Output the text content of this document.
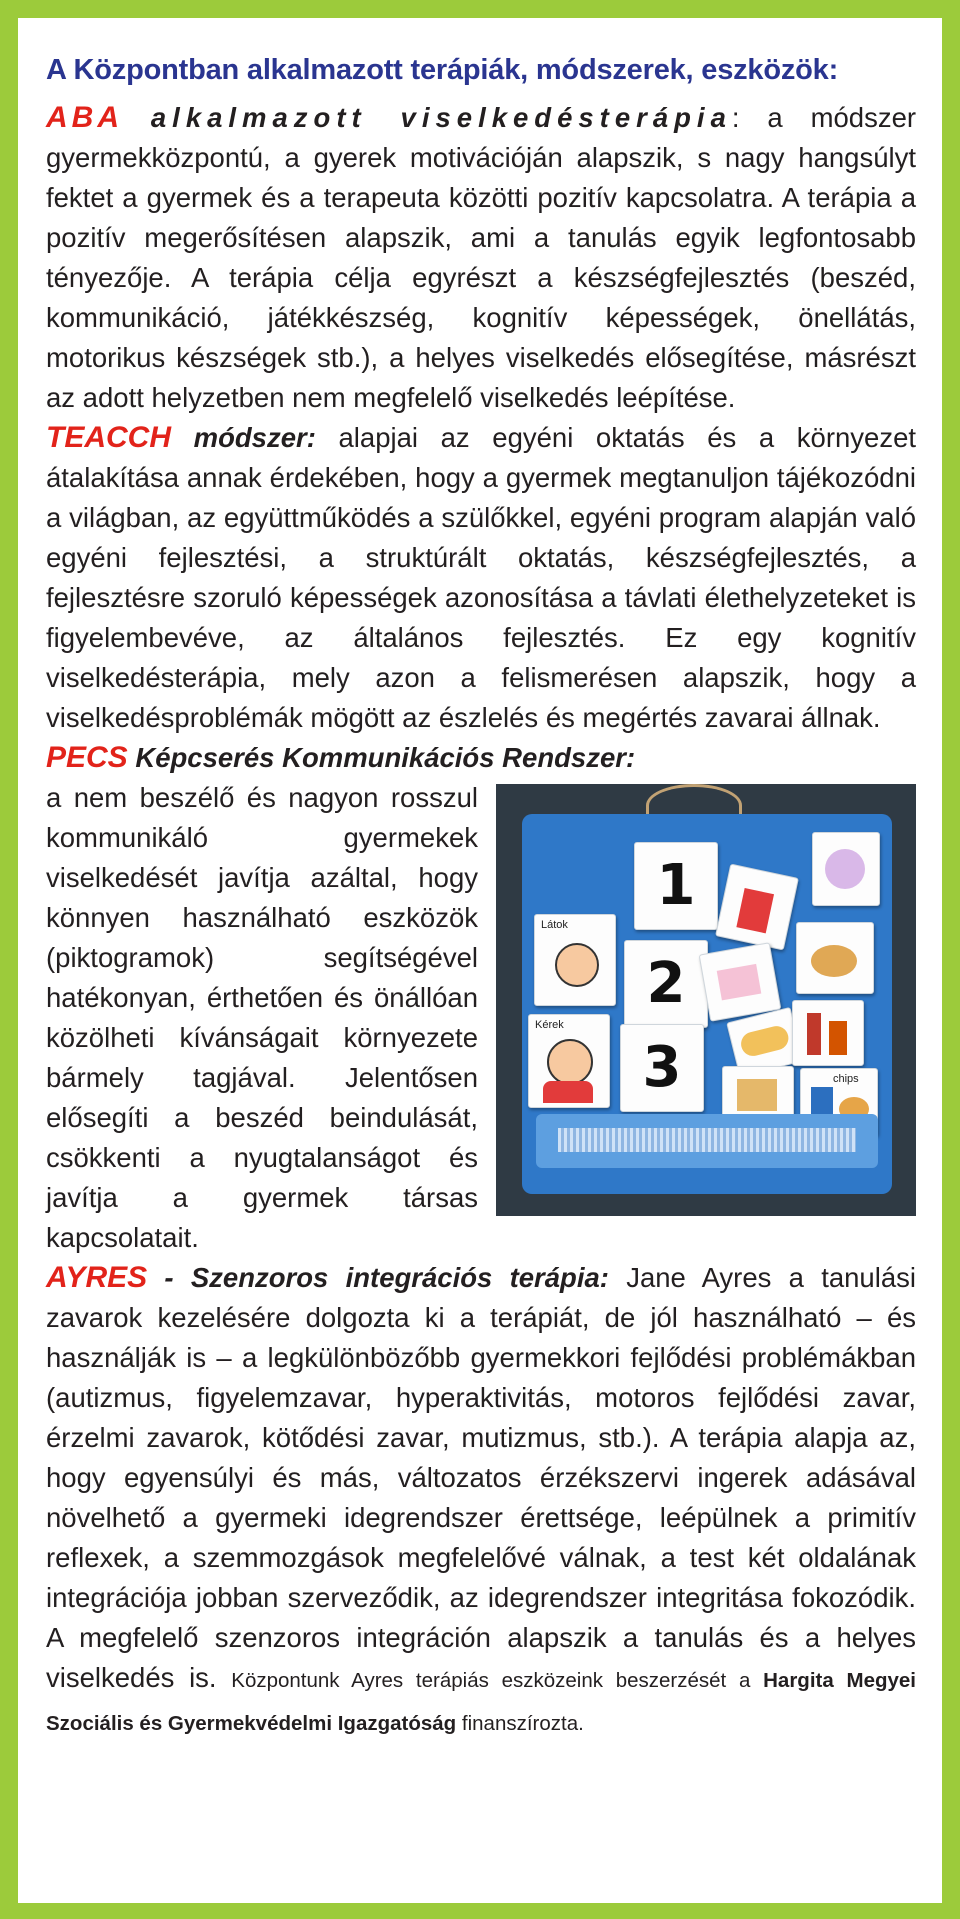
A Központban alkalmazott terápiák, módszerek, eszközök:

ABA alkalmazott viselkedésterápia: a módszer gyermekközpontú, a gyerek motivációján alapszik, s nagy hangsúlyt fektet a gyermek és a terapeuta közötti pozitív kapcsolatra. A terápia a pozitív megerősítésen alapszik, ami a tanulás egyik legfontosabb tényezője. A terápia célja egyrészt a készségfejlesztés (beszéd, kommunikáció, játékkészség, kognitív képességek, önellátás, motorikus készségek stb.), a helyes viselkedés elősegítése, másrészt az adott helyzetben nem megfelelő viselkedés leépítése.

TEACCH módszer: alapjai az egyéni oktatás és a környezet átalakítása annak érdekében, hogy a gyermek megtanuljon tájékozódni a világban, az együttműködés a szülőkkel, egyéni program alapján való egyéni fejlesztési, a struktúrált oktatás, készségfejlesztés, a fejlesztésre szoruló képességek azonosítása a távlati élethelyzeteket is figyelembevéve, az általános fejlesztés. Ez egy kognitív viselkedésterápia, mely azon a felismerésen alapszik, hogy a viselkedésproblémák mögött az észlelés és megértés zavarai állnak.

PECS Képcserés Kommunikációs Rendszer:

1
2
3
Látok
Kérek
chips

a nem beszélő és nagyon rosszul kommunikáló gyermekek viselkedését javítja azáltal, hogy könnyen használható eszközök (piktogramok) segítségével hatékonyan, érthetően és önállóan közölheti kívánságait környezete bármely tagjával. Jelentősen elősegíti a beszéd beindulását, csökkenti a nyugtalanságot és javítja a gyermek társas kapcsolatait.

AYRES - Szenzoros integrációs terápia: Jane Ayres a tanulási zavarok kezelésére dolgozta ki a terápiát, de jól használható – és használják is – a legkülönbözőbb gyermekkori fejlődési problémákban (autizmus, figyelemzavar, hyperaktivitás, motoros fejlődési zavar, érzelmi zavarok, kötődési zavar, mutizmus, stb.). A terápia alapja az, hogy egyensúlyi és más, változatos érzékszervi ingerek adásával növelhető a gyermeki idegrendszer érettsége, leépülnek a primitív reflexek, a szemmozgások megfelelővé válnak, a test két oldalának integrációja jobban szerveződik, az idegrendszer integritása fokozódik. A megfelelő szenzoros integráción alapszik a tanulás és a helyes viselkedés is. Központunk Ayres terápiás eszközeink beszerzését a Hargita Megyei Szociális és Gyermekvédelmi Igazgatóság finanszírozta.
